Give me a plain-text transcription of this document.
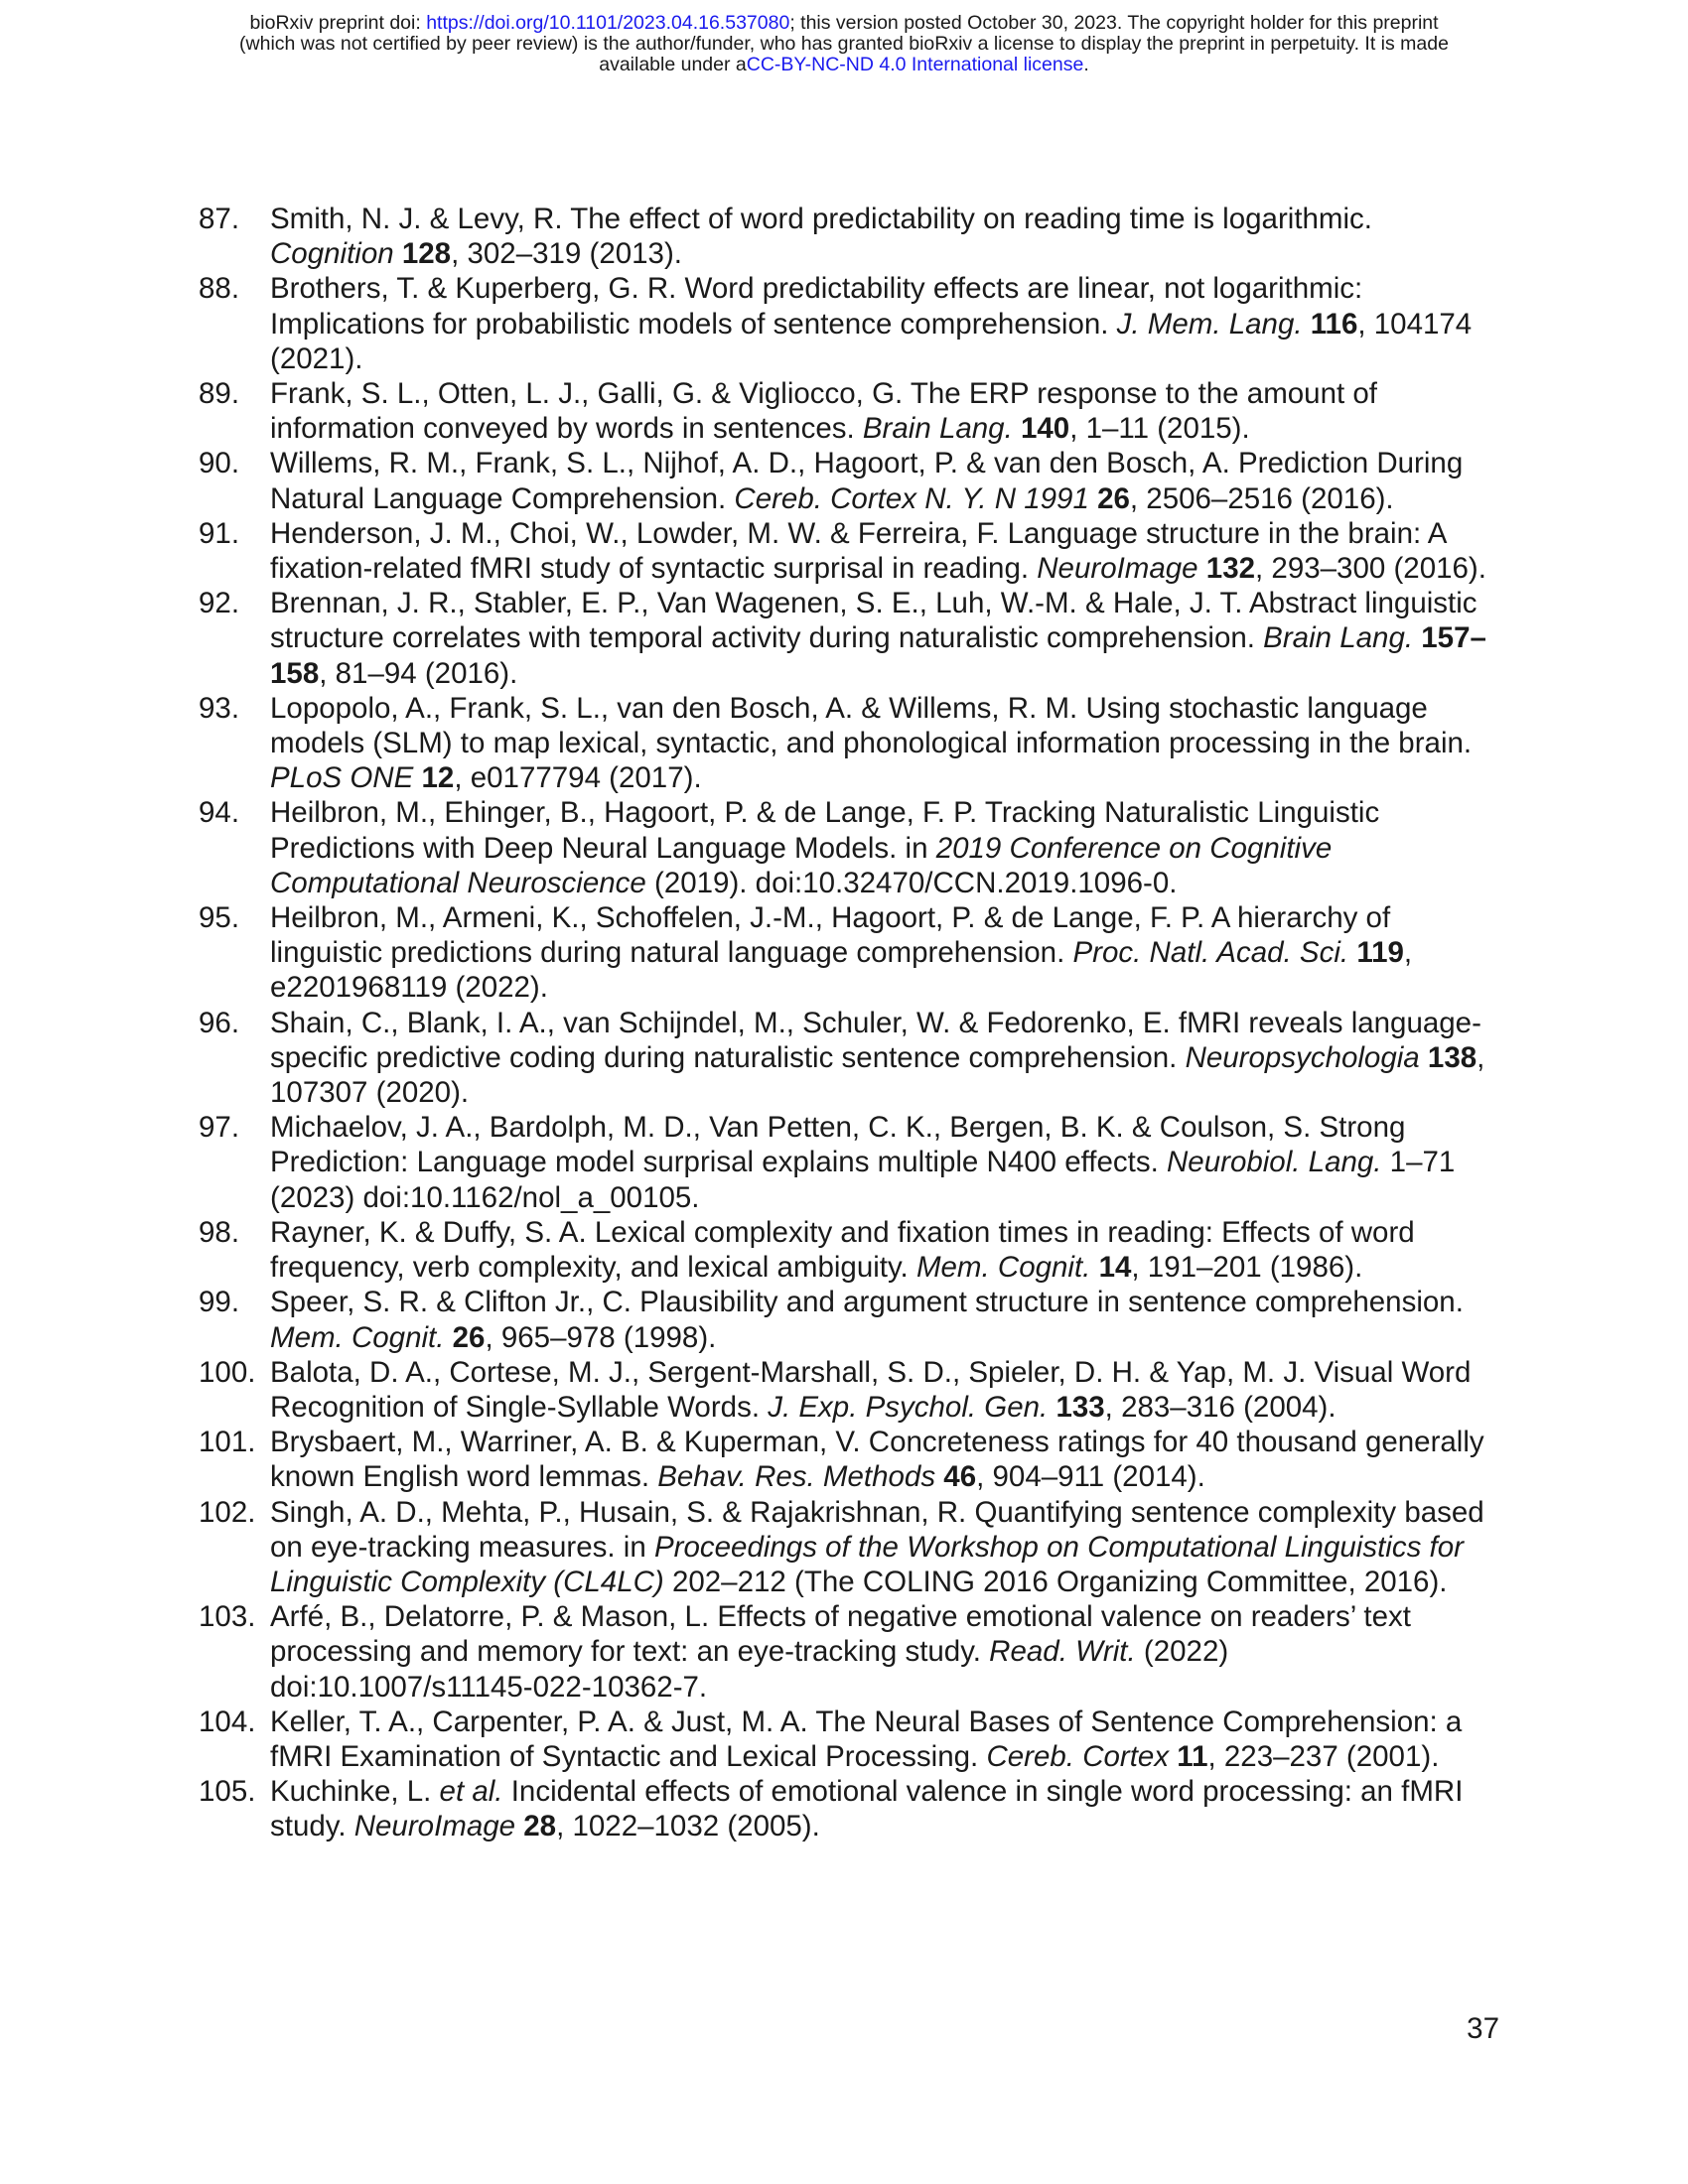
bioRxiv preprint doi: https://doi.org/10.1101/2023.04.16.537080; this version posted October 30, 2023. The copyright holder for this preprint
(which was not certified by peer review) is the author/funder, who has granted bioRxiv a license to display the preprint in perpetuity. It is made
available under aCC-BY-NC-ND 4.0 International license.
87.	Smith, N. J. & Levy, R. The effect of word predictability on reading time is logarithmic. Cognition 128, 302–319 (2013).
88.	Brothers, T. & Kuperberg, G. R. Word predictability effects are linear, not logarithmic: Implications for probabilistic models of sentence comprehension. J. Mem. Lang. 116, 104174 (2021).
89.	Frank, S. L., Otten, L. J., Galli, G. & Vigliocco, G. The ERP response to the amount of information conveyed by words in sentences. Brain Lang. 140, 1–11 (2015).
90.	Willems, R. M., Frank, S. L., Nijhof, A. D., Hagoort, P. & van den Bosch, A. Prediction During Natural Language Comprehension. Cereb. Cortex N. Y. N 1991 26, 2506–2516 (2016).
91.	Henderson, J. M., Choi, W., Lowder, M. W. & Ferreira, F. Language structure in the brain: A fixation-related fMRI study of syntactic surprisal in reading. NeuroImage 132, 293–300 (2016).
92.	Brennan, J. R., Stabler, E. P., Van Wagenen, S. E., Luh, W.-M. & Hale, J. T. Abstract linguistic structure correlates with temporal activity during naturalistic comprehension. Brain Lang. 157–158, 81–94 (2016).
93.	Lopopolo, A., Frank, S. L., van den Bosch, A. & Willems, R. M. Using stochastic language models (SLM) to map lexical, syntactic, and phonological information processing in the brain. PLoS ONE 12, e0177794 (2017).
94.	Heilbron, M., Ehinger, B., Hagoort, P. & de Lange, F. P. Tracking Naturalistic Linguistic Predictions with Deep Neural Language Models. in 2019 Conference on Cognitive Computational Neuroscience (2019). doi:10.32470/CCN.2019.1096-0.
95.	Heilbron, M., Armeni, K., Schoffelen, J.-M., Hagoort, P. & de Lange, F. P. A hierarchy of linguistic predictions during natural language comprehension. Proc. Natl. Acad. Sci. 119, e2201968119 (2022).
96.	Shain, C., Blank, I. A., van Schijndel, M., Schuler, W. & Fedorenko, E. fMRI reveals language-specific predictive coding during naturalistic sentence comprehension. Neuropsychologia 138, 107307 (2020).
97.	Michaelov, J. A., Bardolph, M. D., Van Petten, C. K., Bergen, B. K. & Coulson, S. Strong Prediction: Language model surprisal explains multiple N400 effects. Neurobiol. Lang. 1–71 (2023) doi:10.1162/nol_a_00105.
98.	Rayner, K. & Duffy, S. A. Lexical complexity and fixation times in reading: Effects of word frequency, verb complexity, and lexical ambiguity. Mem. Cognit. 14, 191–201 (1986).
99.	Speer, S. R. & Clifton Jr., C. Plausibility and argument structure in sentence comprehension. Mem. Cognit. 26, 965–978 (1998).
100. Balota, D. A., Cortese, M. J., Sergent-Marshall, S. D., Spieler, D. H. & Yap, M. J. Visual Word Recognition of Single-Syllable Words. J. Exp. Psychol. Gen. 133, 283–316 (2004).
101. Brysbaert, M., Warriner, A. B. & Kuperman, V. Concreteness ratings for 40 thousand generally known English word lemmas. Behav. Res. Methods 46, 904–911 (2014).
102. Singh, A. D., Mehta, P., Husain, S. & Rajakrishnan, R. Quantifying sentence complexity based on eye-tracking measures. in Proceedings of the Workshop on Computational Linguistics for Linguistic Complexity (CL4LC) 202–212 (The COLING 2016 Organizing Committee, 2016).
103. Arfé, B., Delatorre, P. & Mason, L. Effects of negative emotional valence on readers’ text processing and memory for text: an eye-tracking study. Read. Writ. (2022) doi:10.1007/s11145-022-10362-7.
104. Keller, T. A., Carpenter, P. A. & Just, M. A. The Neural Bases of Sentence Comprehension: a fMRI Examination of Syntactic and Lexical Processing. Cereb. Cortex 11, 223–237 (2001).
105. Kuchinke, L. et al. Incidental effects of emotional valence in single word processing: an fMRI study. NeuroImage 28, 1022–1032 (2005).
37
